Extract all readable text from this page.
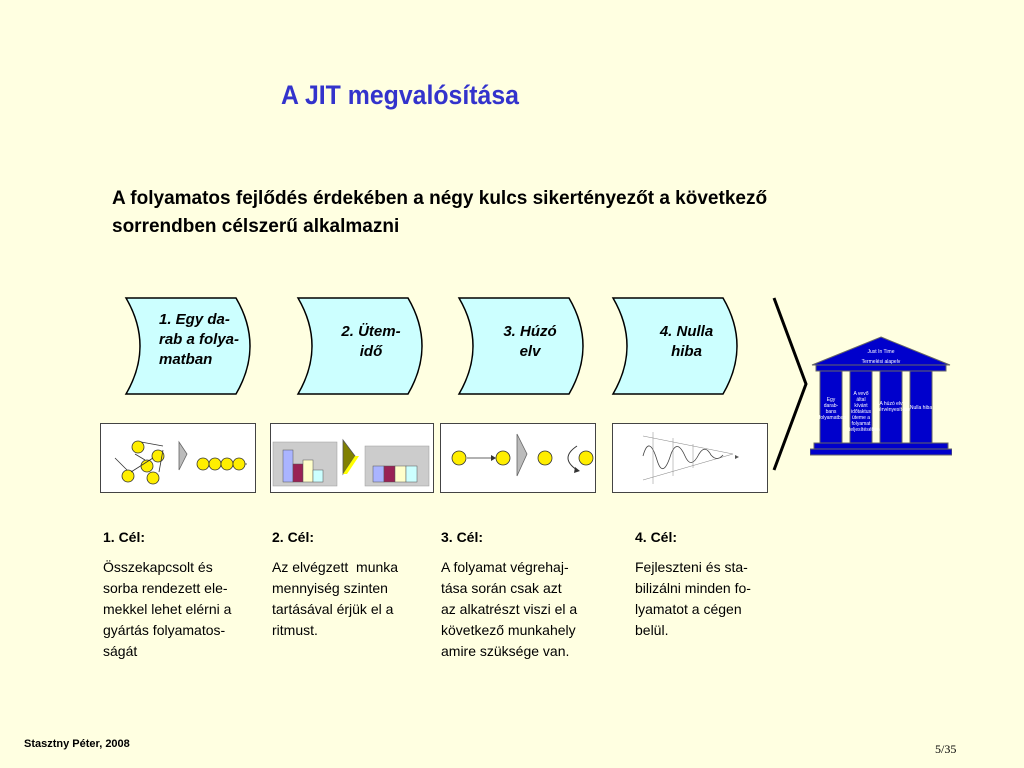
A JIT megvalósítása
A folyamatos fejlődés érdekében a négy kulcs sikertényezőt a következő
sorrendben célszerű alkalmazni
1. Egy da-
rab a folya-
matban
2. Ütem-
idő
3. Húzó
elv
4. Nulla
hiba	Just In Time
Termelési alapelv
Egy darab-
bans
folyamatban
A vevő által
kívánt
időtaktus
üteme a
folyamat
teljesítésében
A húzó elv
érvényesítése Nulla hiba
1. Cél:
Összekapcsolt és
sorba rendezett ele-
mekkel lehet elérni a
gyártás folyamatos-
ságát
2. Cél:
Az elvégzett  munka
mennyiség szinten
tartásával érjük el a
ritmust.
3. Cél:
A folyamat végrehaj-
tása során csak azt
az alkatrészt viszi el a
következő munkahely
amire szüksége van.
4. Cél:
Fejleszteni és sta-
bilizálni minden fo-
lyamatot a cégen
belül.
Stasztny Péter, 2008	5/35
